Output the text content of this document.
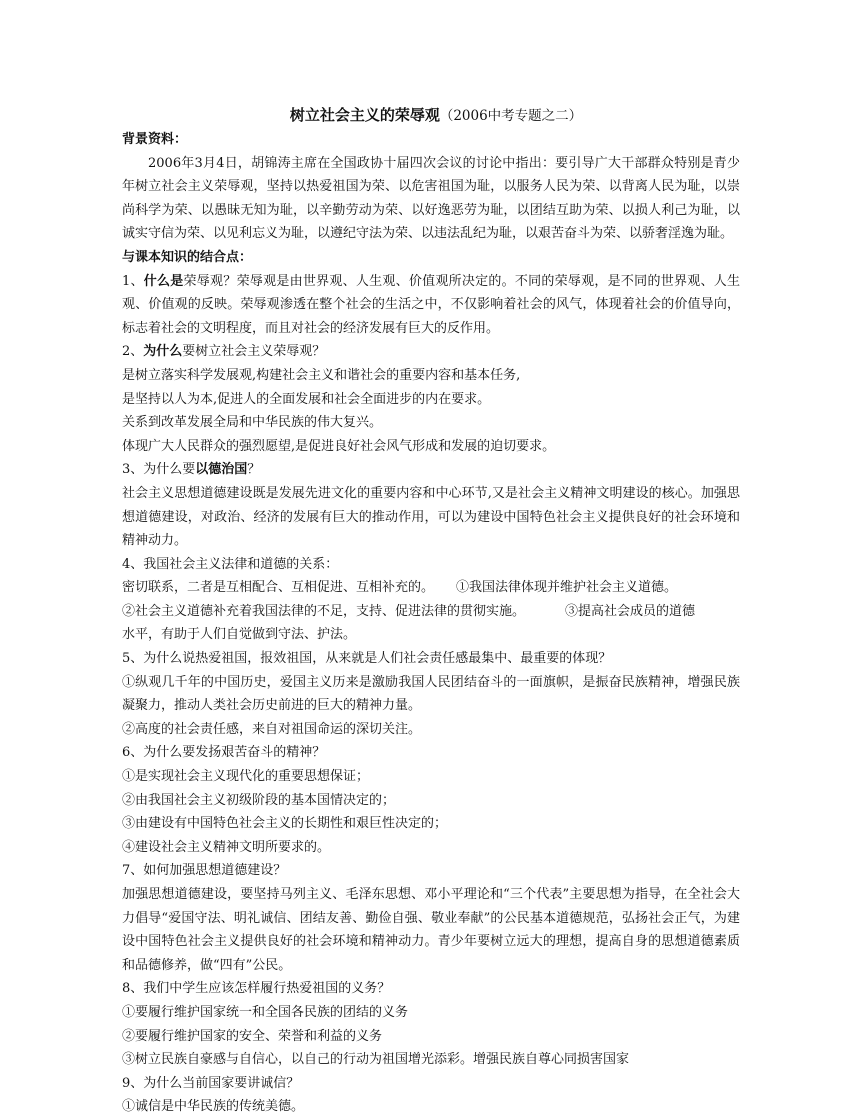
树立社会主义的荣辱观（2006中考专题之二）
背景资料：
2006年3月4日，胡锦涛主席在全国政协十届四次会议的讨论中指出：要引导广大干部群众特别是青少年树立社会主义荣辱观，坚持以热爱祖国为荣、以危害祖国为耻，以服务人民为荣、以背离人民为耻，以崇尚科学为荣、以愚昧无知为耻，以辛勤劳动为荣、以好逸恶劳为耻，以团结互助为荣、以损人利己为耻，以诚实守信为荣、以见利忘义为耻，以遵纪守法为荣、以违法乱纪为耻，以艰苦奋斗为荣、以骄奢淫逸为耻。
与课本知识的结合点：
1、什么是荣辱观？荣辱观是由世界观、人生观、价值观所决定的。不同的荣辱观，是不同的世界观、人生观、价值观的反映。荣辱观渗透在整个社会的生活之中，不仅影响着社会的风气，体现着社会的价值导向，标志着社会的文明程度，而且对社会的经济发展有巨大的反作用。
2、为什么要树立社会主义荣辱观？
是树立落实科学发展观,构建社会主义和谐社会的重要内容和基本任务,
是坚持以人为本,促进人的全面发展和社会全面进步的内在要求。
关系到改革发展全局和中华民族的伟大复兴。
体现广大人民群众的强烈愿望,是促进良好社会风气形成和发展的迫切要求。
3、为什么要以德治国？
社会主义思想道德建设既是发展先进文化的重要内容和中心环节,又是社会主义精神文明建设的核心。加强思想道德建设，对政治、经济的发展有巨大的推动作用，可以为建设中国特色社会主义提供良好的社会环境和精神动力。
4、我国社会主义法律和道德的关系：
密切联系，二者是互相配合、互相促进、互相补充的。 ①我国法律体现并维护社会主义道德。
②社会主义道德补充着我国法律的不足，支持、促进法律的贯彻实施。	③提高社会成员的道德
水平，有助于人们自觉做到守法、护法。
5、为什么说热爱祖国，报效祖国，从来就是人们社会责任感最集中、最重要的体现？
①纵观几千年的中国历史，爱国主义历来是激励我国人民团结奋斗的一面旗帜，是振奋民族精神，增强民族凝聚力，推动人类社会历史前进的巨大的精神力量。
②高度的社会责任感，来自对祖国命运的深切关注。
6、为什么要发扬艰苦奋斗的精神？
①是实现社会主义现代化的重要思想保证；
②由我国社会主义初级阶段的基本国情决定的；
③由建设有中国特色社会主义的长期性和艰巨性决定的；
④建设社会主义精神文明所要求的。
7、如何加强思想道德建设？
加强思想道德建设，要坚持马列主义、毛泽东思想、邓小平理论和“三个代表”主要思想为指导，在全社会大力倡导“爱国守法、明礼诚信、团结友善、勤俭自强、敬业奉献”的公民基本道德规范，弘扬社会正气，为建设中国特色社会主义提供良好的社会环境和精神动力。青少年要树立远大的理想，提高自身的思想道德素质和品德修养，做“四有”公民。
8、我们中学生应该怎样履行热爱祖国的义务？
①要履行维护国家统一和全国各民族的团结的义务
②要履行维护国家的安全、荣誉和利益的义务
③树立民族自豪感与自信心，以自己的行动为祖国增光添彩。增强民族自尊心同损害国家
9、为什么当前国家要讲诚信？
①诚信是中华民族的传统美德。
